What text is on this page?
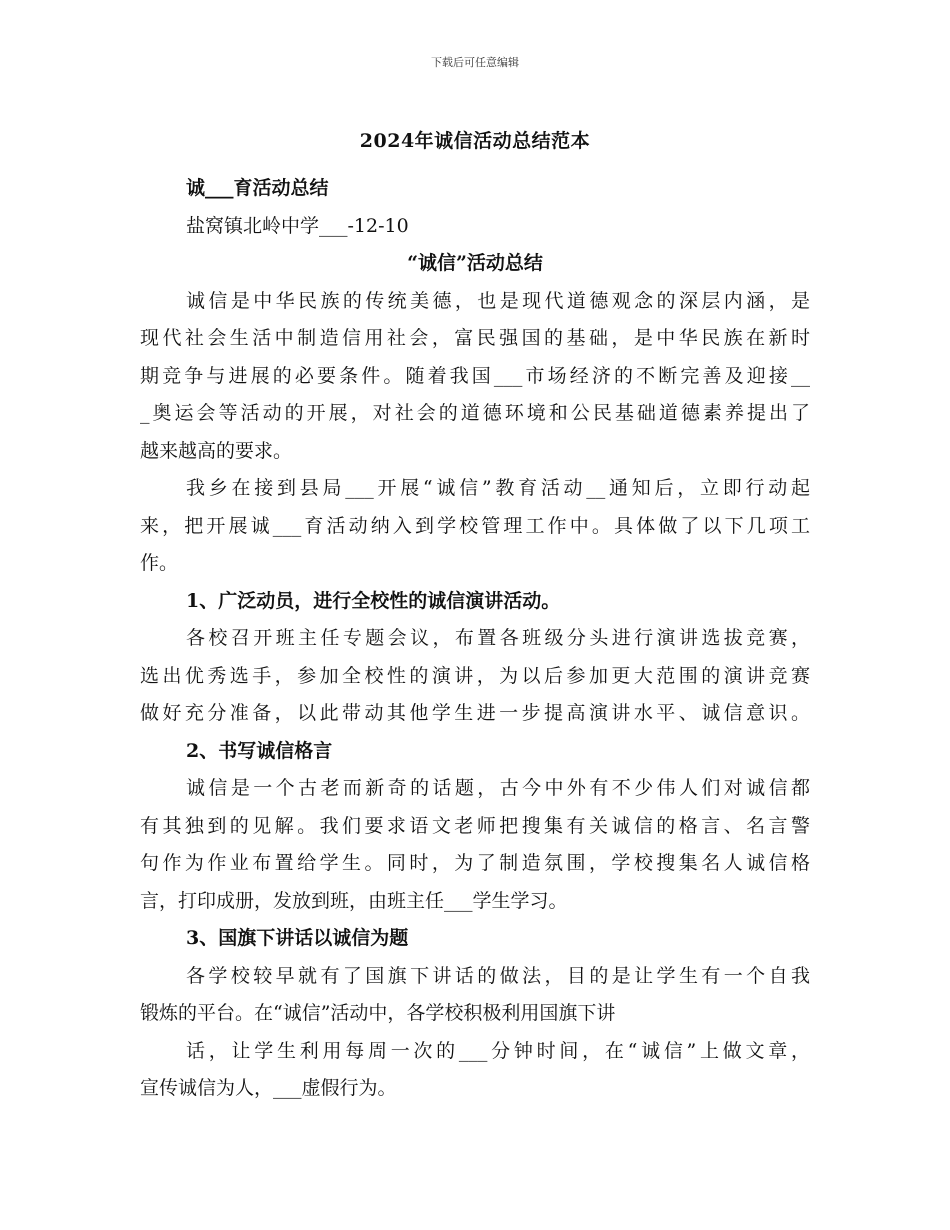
下载后可任意编辑
2024年诚信活动总结范本
诚___育活动总结
盐窝镇北岭中学___-12-10
“诚信”活动总结
诚信是中华民族的传统美德，也是现代道德观念的深层内涵，是
现代社会生活中制造信用社会，富民强国的基础，是中华民族在新时
期竞争与进展的必要条件。随着我国___市场经济的不断完善及迎接__
_奥运会等活动的开展，对社会的道德环境和公民基础道德素养提出了
越来越高的要求。
我乡在接到县局___开展“诚信”教育活动__通知后，立即行动起
来，把开展诚___育活动纳入到学校管理工作中。具体做了以下几项工
作。
1、广泛动员，进行全校性的诚信演讲活动。
各校召开班主任专题会议，布置各班级分头进行演讲选拔竞赛，
选出优秀选手，参加全校性的演讲，为以后参加更大范围的演讲竞赛
做好充分准备，以此带动其他学生进一步提高演讲水平、诚信意识。
2、书写诚信格言
诚信是一个古老而新奇的话题，古今中外有不少伟人们对诚信都
有其独到的见解。我们要求语文老师把搜集有关诚信的格言、名言警
句作为作业布置给学生。同时，为了制造氛围，学校搜集名人诚信格
言，打印成册，发放到班，由班主任___学生学习。
3、国旗下讲话以诚信为题
各学校较早就有了国旗下讲话的做法，目的是让学生有一个自我
锻炼的平台。在“诚信”活动中，各学校积极利用国旗下讲
话，让学生利用每周一次的___分钟时间，在“诚信”上做文章，
宣传诚信为人，___虚假行为。
